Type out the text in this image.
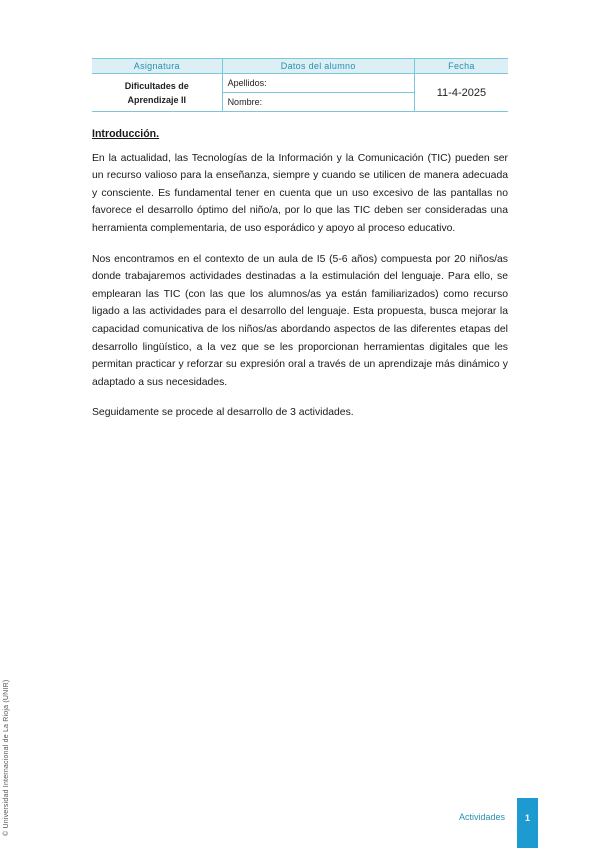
Asignatura	Datos del alumno	Fecha

Dificultades de
Aprendizaje II	Apellidos:	11-4-2025
	Nombre:	
Introducción.

En la actualidad, las Tecnologías de la Información y la Comunicación (TIC) pueden ser un recurso valioso para la enseñanza, siempre y cuando se utilicen de manera adecuada y consciente. Es fundamental tener en cuenta que un uso excesivo de las pantallas no favorece el desarrollo óptimo del niño/a, por lo que las TIC deben ser consideradas una herramienta complementaria, de uso esporádico y apoyo al proceso educativo.

Nos encontramos en el contexto de un aula de I5 (5-6 años) compuesta por 20 niños/as donde trabajaremos actividades destinadas a la estimulación del lenguaje. Para ello, se emplearan las TIC (con las que los alumnos/as ya están familiarizados) como recurso ligado a las actividades para el desarrollo del lenguaje. Esta propuesta, busca mejorar la capacidad comunicativa de los niños/as abordando aspectos de las diferentes etapas del desarrollo lingüístico, a la vez que se les proporcionan herramientas digitales que les permitan practicar y reforzar su expresión oral a través de un aprendizaje más dinámico y adaptado a sus necesidades.

Seguidamente se procede al desarrollo de 3 actividades.

© Universidad Internacional de La Rioja (UNIR)	Actividades	1
